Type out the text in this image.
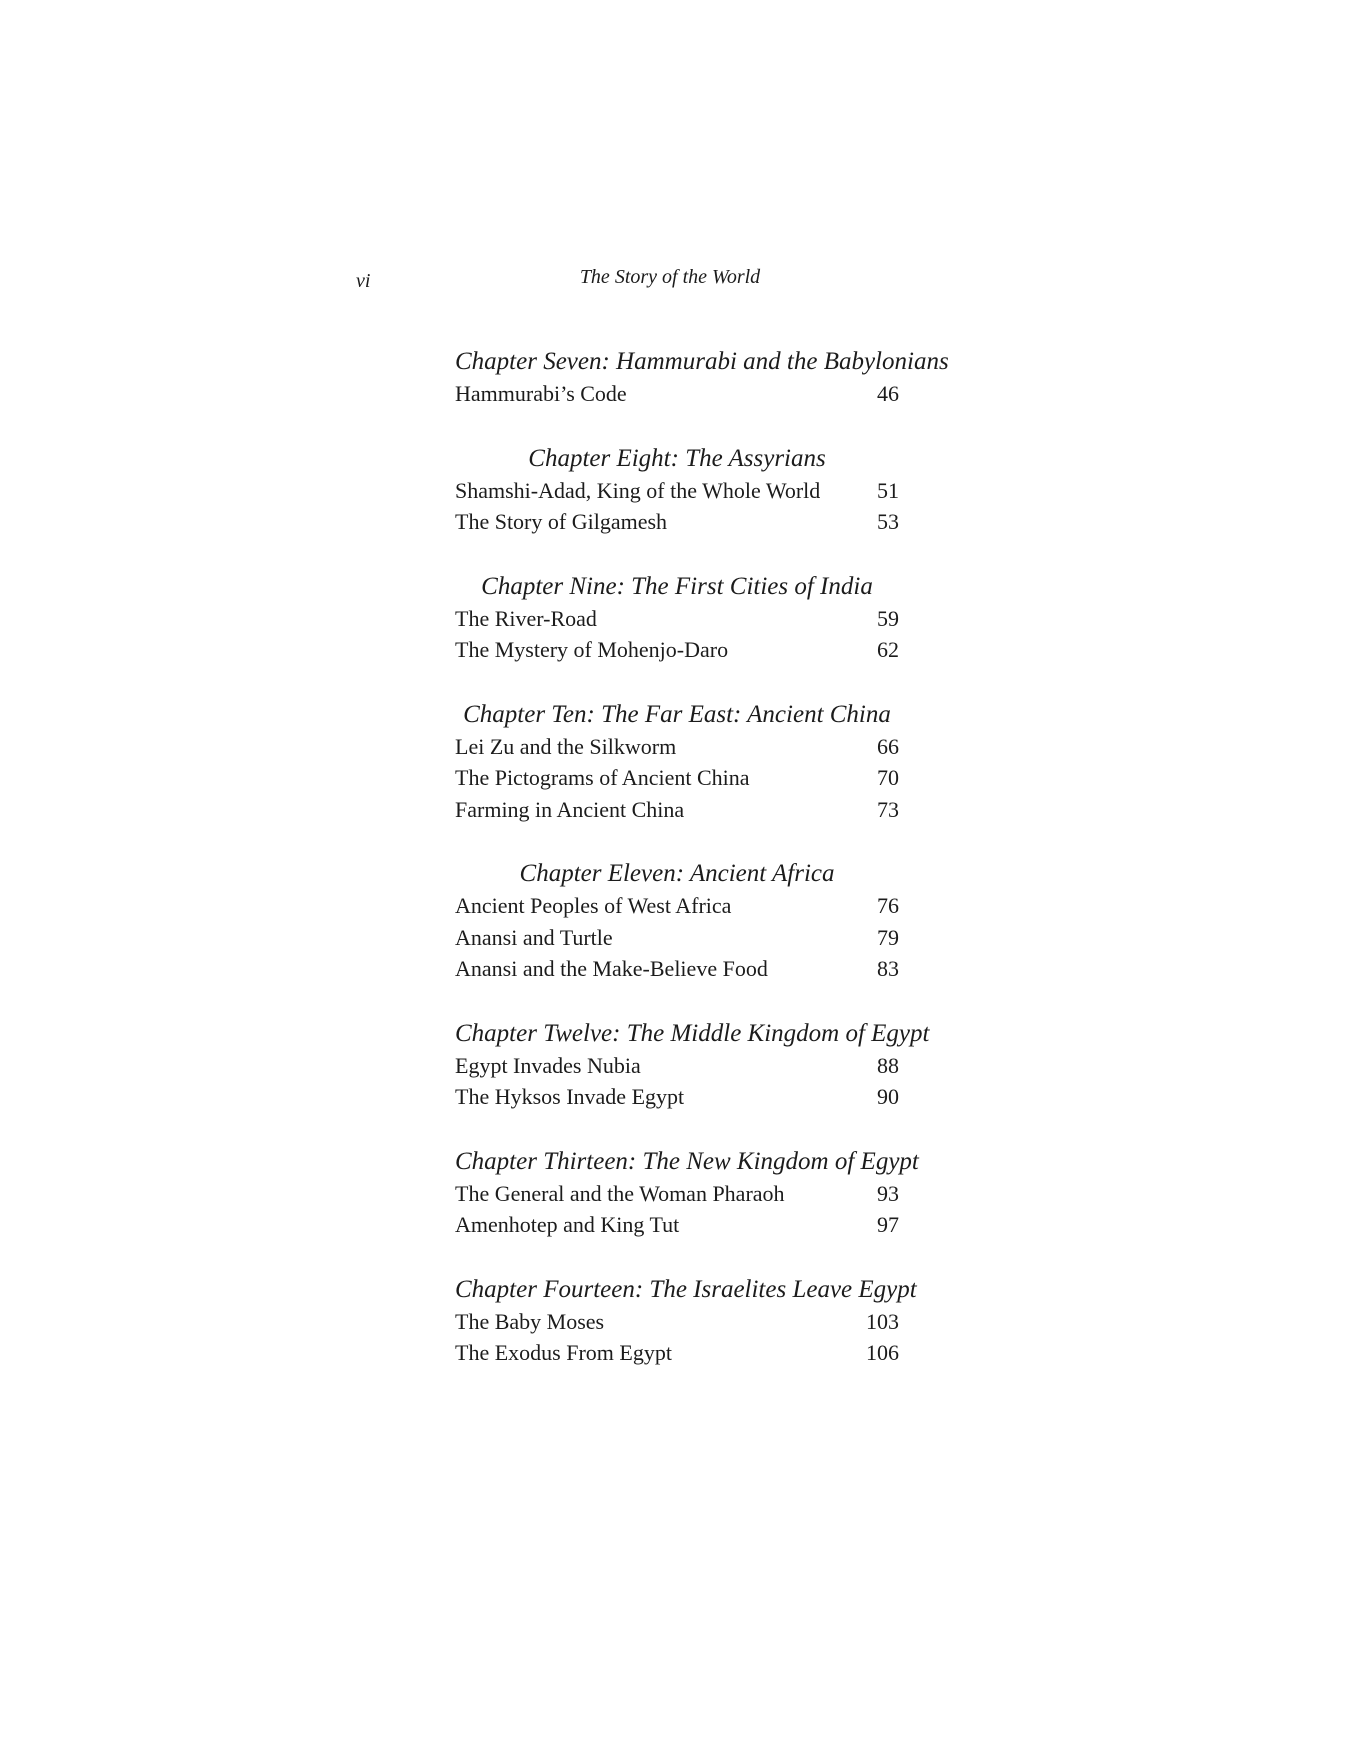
vi	The Story of the World
Chapter Seven: Hammurabi and the Babylonians
Hammurabi’s Code	46
Chapter Eight: The Assyrians
Shamshi-Adad, King of the Whole World	51
The Story of Gilgamesh	53
Chapter Nine: The First Cities of India
The River-Road	59
The Mystery of Mohenjo-Daro	62
Chapter Ten: The Far East: Ancient China
Lei Zu and the Silkworm	66
The Pictograms of Ancient China	70
Farming in Ancient China	73
Chapter Eleven: Ancient Africa
Ancient Peoples of West Africa	76
Anansi and Turtle	79
Anansi and the Make-Believe Food	83
Chapter Twelve: The Middle Kingdom of Egypt
Egypt Invades Nubia	88
The Hyksos Invade Egypt	90
Chapter Thirteen: The New Kingdom of Egypt
The General and the Woman Pharaoh	93
Amenhotep and King Tut	97
Chapter Fourteen: The Israelites Leave Egypt
The Baby Moses	103
The Exodus From Egypt	106
